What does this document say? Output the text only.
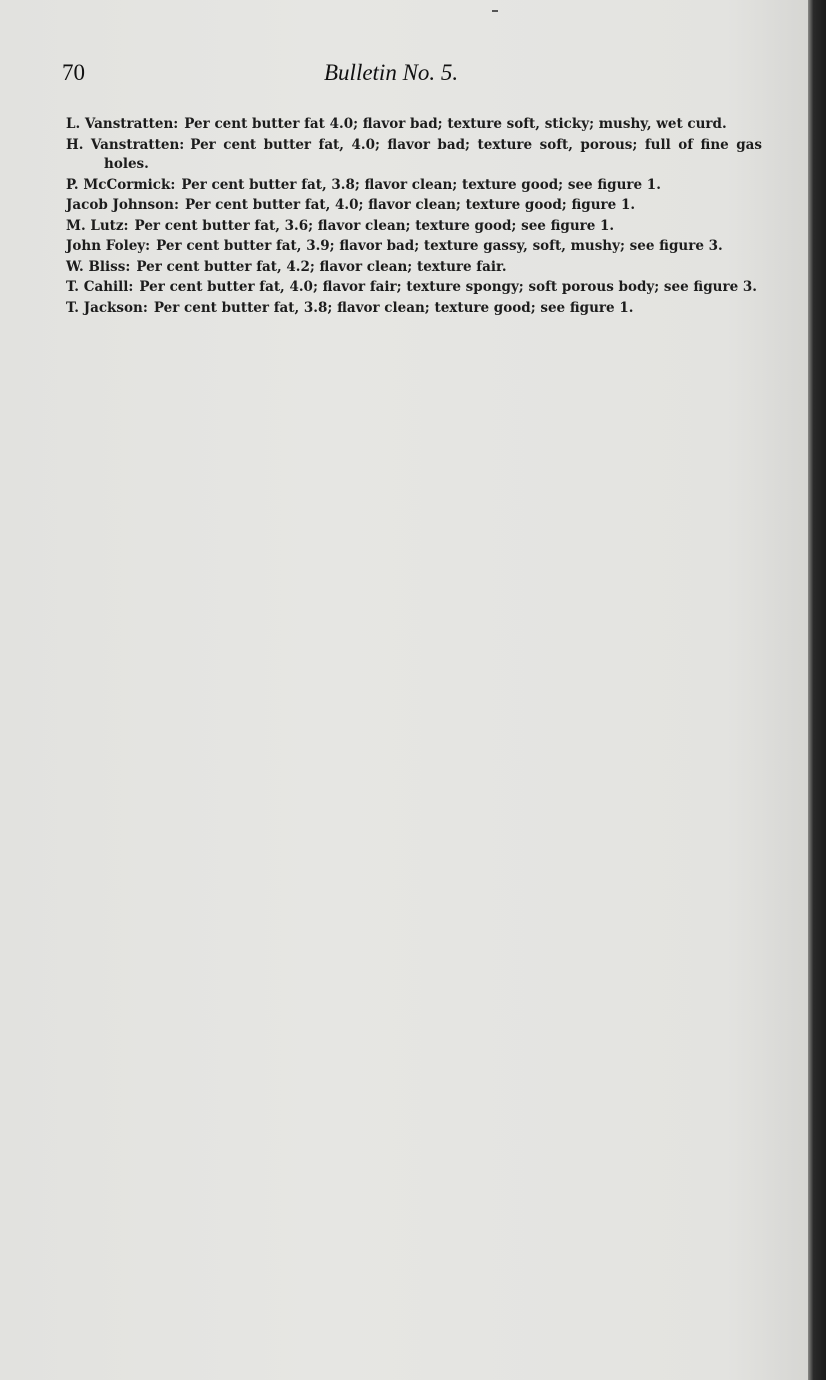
70	Bulletin No. 5.
L. Vanstratten: Per cent butter fat 4.0; flavor bad; texture soft, sticky; mushy, wet curd.
H. Vanstratten: Per cent butter fat, 4.0; flavor bad; texture soft, porous; full of fine gas holes.
P. McCormick: Per cent butter fat, 3.8; flavor clean; texture good; see figure 1.
Jacob Johnson: Per cent butter fat, 4.0; flavor clean; texture good; figure 1.
M. Lutz: Per cent butter fat, 3.6; flavor clean; texture good; see figure 1.
John Foley: Per cent butter fat, 3.9; flavor bad; texture gassy, soft, mushy; see figure 3.
W. Bliss: Per cent butter fat, 4.2; flavor clean; texture fair.
T. Cahill: Per cent butter fat, 4.0; flavor fair; texture spongy; soft porous body; see figure 3.
T. Jackson: Per cent butter fat, 3.8; flavor clean; texture good; see figure 1.
